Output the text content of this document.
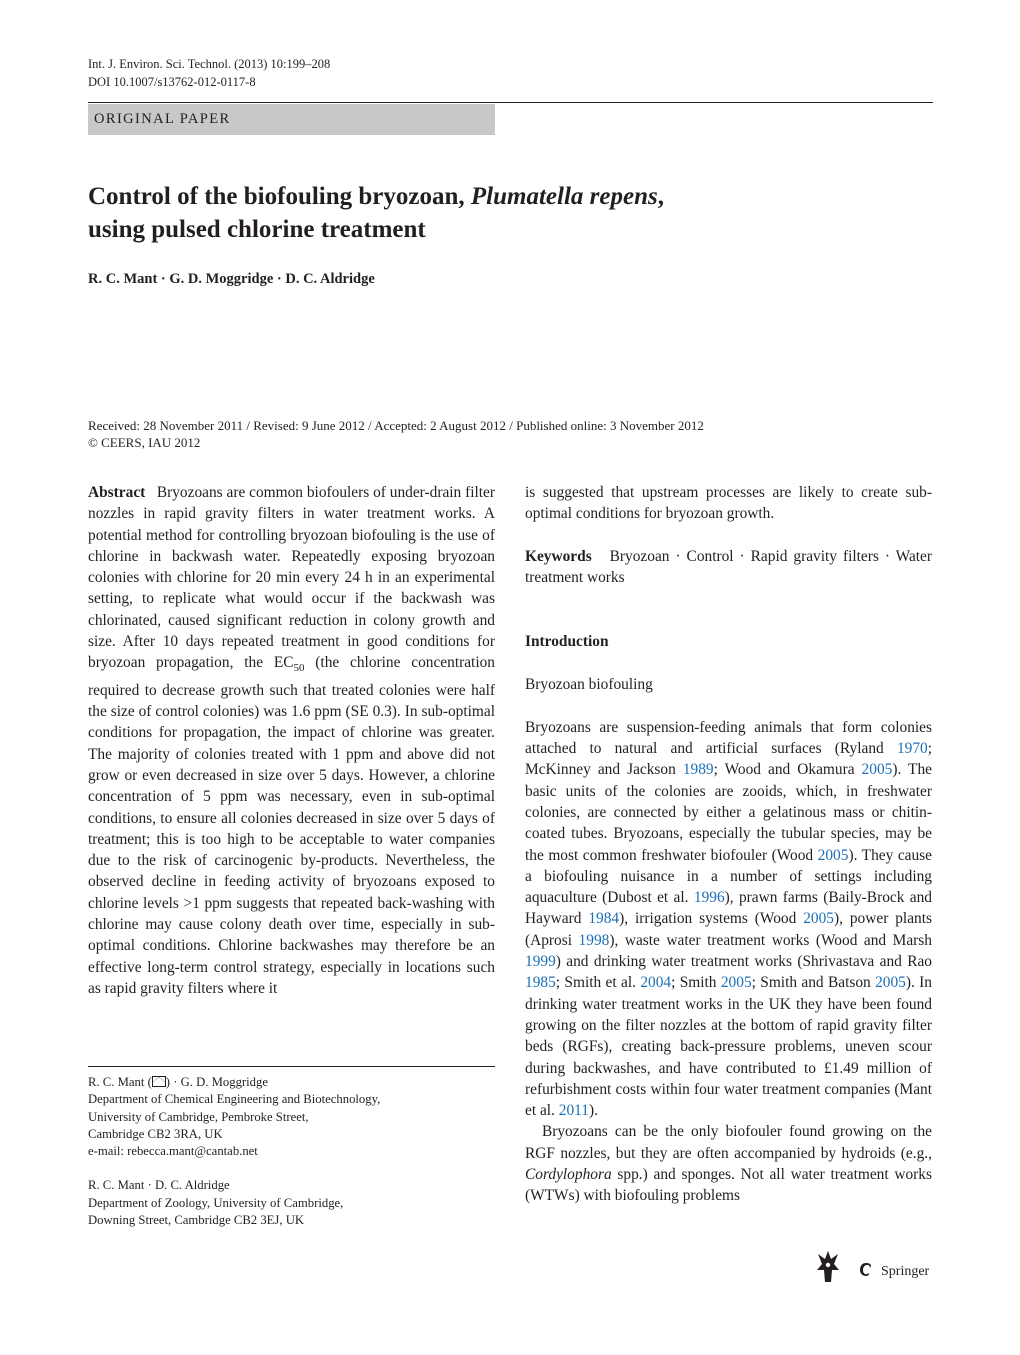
Int. J. Environ. Sci. Technol. (2013) 10:199–208
DOI 10.1007/s13762-012-0117-8
ORIGINAL PAPER
Control of the biofouling bryozoan, Plumatella repens,
using pulsed chlorine treatment
R. C. Mant · G. D. Moggridge · D. C. Aldridge
Received: 28 November 2011 / Revised: 9 June 2012 / Accepted: 2 August 2012 / Published online: 3 November 2012
© CEERS, IAU 2012

Abstract Bryozoans are common biofoulers of under-drain filter nozzles in rapid gravity filters in water treatment works. A potential method for controlling bryozoan biofouling is the use of chlorine in backwash water. Repeatedly exposing bryozoan colonies with chlorine for 20 min every 24 h in an experimental setting, to replicate what would occur if the backwash was chlorinated, caused significant reduction in colony growth and size. After 10 days repeated treatment in good conditions for bryozoan propagation, the $EC_{50}$ (the chlorine concentration required to decrease growth such that treated colonies were half the size of control colonies) was 1.6 ppm (SE 0.3). In sub-optimal conditions for propagation, the impact of chlorine was greater. The majority of colonies treated with 1 ppm and above did not grow or even decreased in size over 5 days. However, a chlorine concentration of 5 ppm was necessary, even in sub-optimal conditions, to ensure all colonies decreased in size over 5 days of treatment; this is too high to be acceptable to water companies due to the risk of carcinogenic by-products. Nevertheless, the observed decline in feeding activity of bryozoans exposed to chlorine levels >1 ppm suggests that repeated back-washing with chlorine may cause colony death over time, especially in sub-optimal conditions. Chlorine backwashes may therefore be an effective long-term control strategy, especially in locations such as rapid gravity filters where it

is suggested that upstream processes are likely to create sub-optimal conditions for bryozoan growth.

Keywords Bryozoan · Control · Rapid gravity filters · Water treatment works

Introduction

Bryozoan biofouling

Bryozoans are suspension-feeding animals that form colonies attached to natural and artificial surfaces (Ryland 1970; McKinney and Jackson 1989; Wood and Okamura 2005). The basic units of the colonies are zooids, which, in freshwater colonies, are connected by either a gelatinous mass or chitin-coated tubes. Bryozoans, especially the tubular species, may be the most common freshwater biofouler (Wood 2005). They cause a biofouling nuisance in a number of settings including aquaculture (Dubost et al. 1996), prawn farms (Baily-Brock and Hayward 1984), irrigation systems (Wood 2005), power plants (Aprosi 1998), waste water treatment works (Wood and Marsh 1999) and drinking water treatment works (Shrivastava and Rao 1985; Smith et al. 2004; Smith 2005; Smith and Batson 2005). In drinking water treatment works in the UK they have been found growing on the filter nozzles at the bottom of rapid gravity filter beds (RGFs), creating back-pressure problems, uneven scour during backwashes, and have contributed to £1.49 million of refurbishment costs within four water treatment companies (Mant et al. 2011).

Bryozoans can be the only biofouler found growing on the RGF nozzles, but they are often accompanied by hydroids (e.g., Cordylophora spp.) and sponges. Not all water treatment works (WTWs) with biofouling problems

R. C. Mant ( ) · G. D. Moggridge

Department of Chemical Engineering and Biotechnology,

University of Cambridge, Pembroke Street,

Cambridge CB2 3RA, UK

e-mail: rebecca.mant@cantab.net

R. C. Mant · D. C. Aldridge

Department of Zoology, University of Cambridge,

Downing Street, Cambridge CB2 3EJ, UK

Springer
